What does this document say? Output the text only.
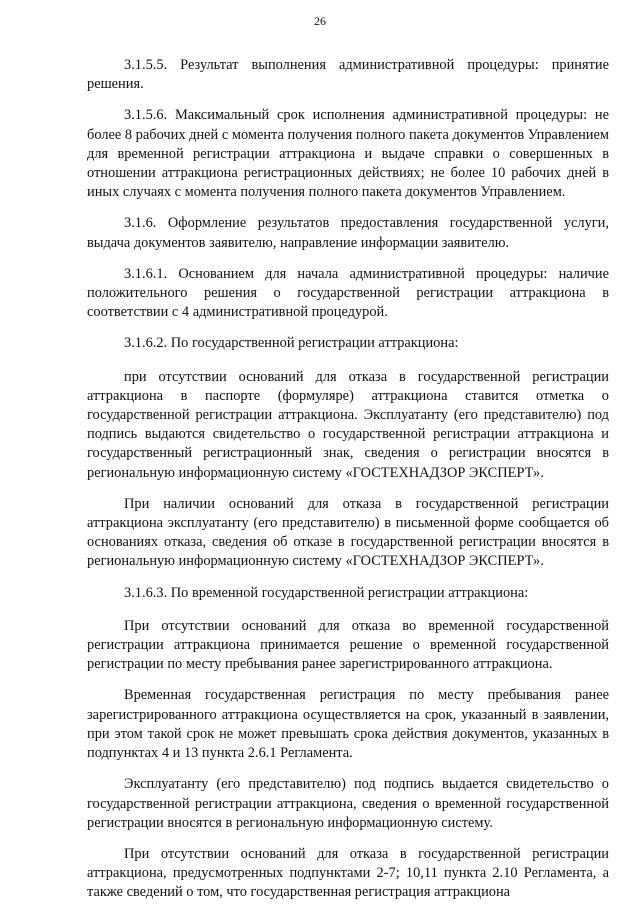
26

3.1.5.5. Результат выполнения административной процедуры: принятие решения.

3.1.5.6. Максимальный срок исполнения административной процедуры: не более 8 рабочих дней с момента получения полного пакета документов Управлением для временной регистрации аттракциона и выдаче справки о совершенных в отношении аттракциона регистрационных действиях; не более 10 рабочих дней в иных случаях с момента получения полного пакета документов Управлением.

3.1.6. Оформление результатов предоставления государственной услуги, выдача документов заявителю, направление информации заявителю.

3.1.6.1. Основанием для начала административной процедуры: наличие положительного решения о государственной регистрации аттракциона в соответствии с 4 административной процедурой.

3.1.6.2. По государственной регистрации аттракциона:

при отсутствии оснований для отказа в государственной регистрации аттракциона в паспорте (формуляре) аттракциона ставится отметка о государственной регистрации аттракциона. Эксплуатанту (его представителю) под подпись выдаются свидетельство о государственной регистрации аттракциона и государственный регистрационный знак, сведения о регистрации вносятся в региональную информационную систему «ГОСТЕХНАДЗОР ЭКСПЕРТ».

При наличии оснований для отказа в государственной регистрации аттракциона эксплуатанту (его представителю) в письменной форме сообщается об основаниях отказа, сведения об отказе в государственной регистрации вносятся в региональную информационную систему «ГОСТЕХНАДЗОР ЭКСПЕРТ».

3.1.6.3. По временной государственной регистрации аттракциона:

При отсутствии оснований для отказа во временной государственной регистрации аттракциона принимается решение о временной государственной регистрации по месту пребывания ранее зарегистрированного аттракциона.

Временная государственная регистрация по месту пребывания ранее зарегистрированного аттракциона осуществляется на срок, указанный в заявлении, при этом такой срок не может превышать срока действия документов, указанных в подпунктах 4 и 13 пункта 2.6.1 Регламента.

Эксплуатанту (его представителю) под подпись выдается свидетельство о государственной регистрации аттракциона, сведения о временной государственной регистрации вносятся в региональную информационную систему.

При отсутствии оснований для отказа в государственной регистрации аттракциона, предусмотренных подпунктами 2-7; 10,11 пункта 2.10 Регламента, а также сведений о том, что государственная регистрация аттракциона
